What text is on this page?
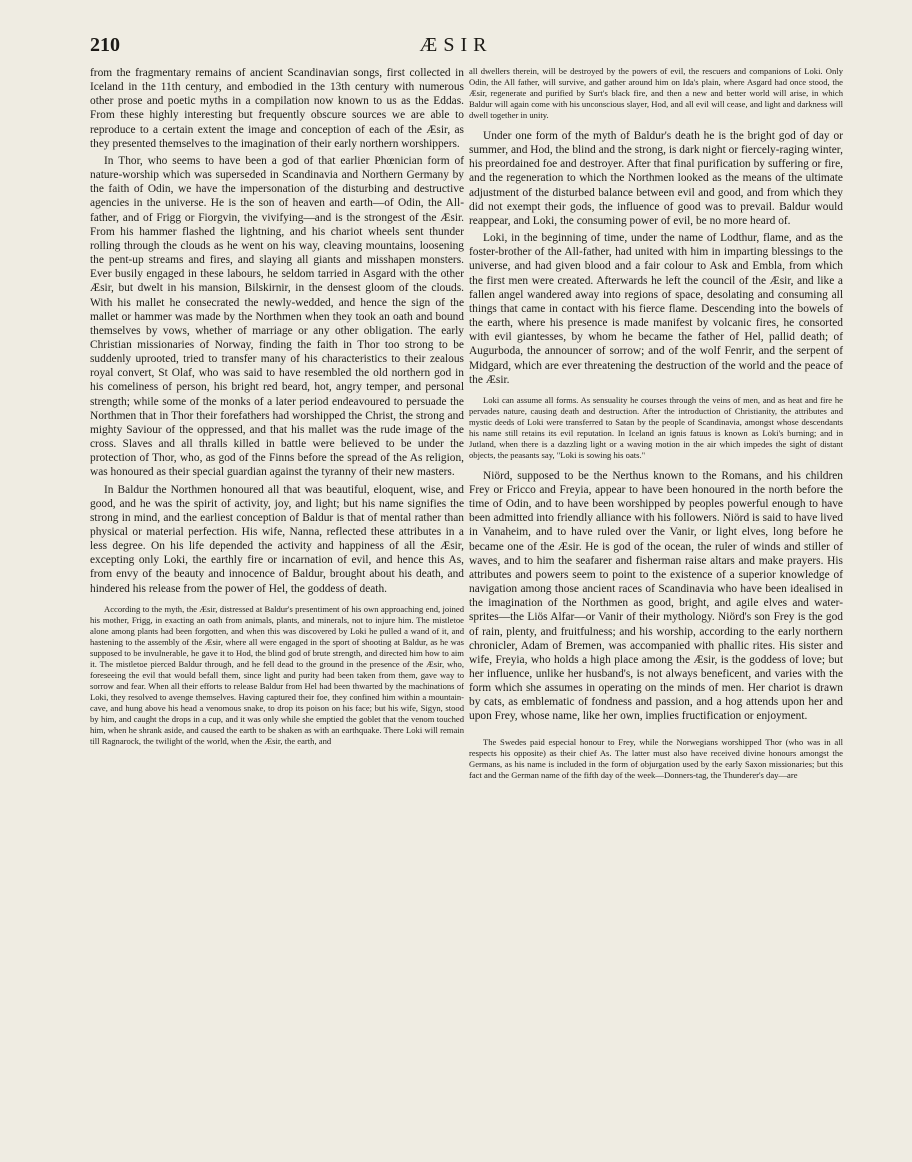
210	ÆSIR

from the fragmentary remains of ancient Scandinavian songs, first collected in Iceland in the 11th century, and embodied in the 13th century with numerous other prose and poetic myths in a compilation now known to us as the Eddas. From these highly interesting but frequently obscure sources we are able to reproduce to a certain extent the image and conception of each of the Æsir, as they presented themselves to the imagination of their early northern worshippers.

In Thor, who seems to have been a god of that earlier Phœnician form of nature-worship which was superseded in Scandinavia and Northern Germany by the faith of Odin, we have the impersonation of the disturbing and destructive agencies in the universe. He is the son of heaven and earth—of Odin, the All-father, and of Frigg or Fiorgvin, the vivifying—and is the strongest of the Æsir. From his hammer flashed the lightning, and his chariot wheels sent thunder rolling through the clouds as he went on his way, cleaving mountains, loosening the pent-up streams and fires, and slaying all giants and misshapen monsters. Ever busily engaged in these labours, he seldom tarried in Asgard with the other Æsir, but dwelt in his mansion, Bilskirnir, in the densest gloom of the clouds. With his mallet he consecrated the newly-wedded, and hence the sign of the mallet or hammer was made by the Northmen when they took an oath and bound themselves by vows, whether of marriage or any other obligation. The early Christian missionaries of Norway, finding the faith in Thor too strong to be suddenly uprooted, tried to transfer many of his characteristics to their zealous royal convert, St Olaf, who was said to have resembled the old northern god in his comeliness of person, his bright red beard, hot, angry temper, and personal strength; while some of the monks of a later period endeavoured to persuade the Northmen that in Thor their forefathers had worshipped the Christ, the strong and mighty Saviour of the oppressed, and that his mallet was the rude image of the cross. Slaves and all thralls killed in battle were believed to be under the protection of Thor, who, as god of the Finns before the spread of the As religion, was honoured as their special guardian against the tyranny of their new masters.

In Baldur the Northmen honoured all that was beautiful, eloquent, wise, and good, and he was the spirit of activity, joy, and light; but his name signifies the strong in mind, and the earliest conception of Baldur is that of mental rather than physical or material perfection. His wife, Nanna, reflected these attributes in a less degree. On his life depended the activity and happiness of all the Æsir, excepting only Loki, the earthly fire or incarnation of evil, and hence this As, from envy of the beauty and innocence of Baldur, brought about his death, and hindered his release from the power of Hel, the goddess of death.

According to the myth, the Æsir, distressed at Baldur's presentiment of his own approaching end, joined his mother, Frigg, in exacting an oath from animals, plants, and minerals, not to injure him. The mistletoe alone among plants had been forgotten, and when this was discovered by Loki he pulled a wand of it, and hastening to the assembly of the Æsir, where all were engaged in the sport of shooting at Baldur, as he was supposed to be invulnerable, he gave it to Hod, the blind god of brute strength, and directed him how to aim it. The mistletoe pierced Baldur through, and he fell dead to the ground in the presence of the Æsir, who, foreseeing the evil that would befall them, since light and purity had been taken from them, gave way to sorrow and fear. When all their efforts to release Baldur from Hel had been thwarted by the machinations of Loki, they resolved to avenge themselves. Having captured their foe, they confined him within a mountain-cave, and hung above his head a venomous snake, to drop its poison on his face; but his wife, Sigyn, stood by him, and caught the drops in a cup, and it was only while she emptied the goblet that the venom touched him, when he shrank aside, and caused the earth to be shaken as with an earthquake. There Loki will remain till Ragnarock, the twilight of the world, when the Æsir, the earth, and

all dwellers therein, will be destroyed by the powers of evil, the rescuers and companions of Loki. Only Odin, the All father, will survive, and gather around him on Ida's plain, where Asgard had once stood, the Æsir, regenerate and purified by Surt's black fire, and then a new and better world will arise, in which Baldur will again come with his unconscious slayer, Hod, and all evil will cease, and light and darkness will dwell together in unity.

Under one form of the myth of Baldur's death he is the bright god of day or summer, and Hod, the blind and the strong, is dark night or fiercely-raging winter, his preordained foe and destroyer. After that final purification by suffering or fire, and the regeneration to which the Northmen looked as the means of the ultimate adjustment of the disturbed balance between evil and good, and from which they did not exempt their gods, the influence of good was to prevail. Baldur would reappear, and Loki, the consuming power of evil, be no more heard of.

Loki, in the beginning of time, under the name of Lodthur, flame, and as the foster-brother of the All-father, had united with him in imparting blessings to the universe, and had given blood and a fair colour to Ask and Embla, from which the first men were created. Afterwards he left the council of the Æsir, and like a fallen angel wandered away into regions of space, desolating and consuming all things that came in contact with his fierce flame. Descending into the bowels of the earth, where his presence is made manifest by volcanic fires, he consorted with evil giantesses, by whom he became the father of Hel, pallid death; of Augurboda, the announcer of sorrow; and of the wolf Fenrir, and the serpent of Midgard, which are ever threatening the destruction of the world and the peace of the Æsir.

Loki can assume all forms. As sensuality he courses through the veins of men, and as heat and fire he pervades nature, causing death and destruction. After the introduction of Christianity, the attributes and mystic deeds of Loki were transferred to Satan by the people of Scandinavia, amongst whose descendants his name still retains its evil reputation. In Iceland an ignis fatuus is known as Loki's burning; and in Jutland, when there is a dazzling light or a waving motion in the air which impedes the sight of distant objects, the peasants say, "Loki is sowing his oats."

Niörd, supposed to be the Nerthus known to the Romans, and his children Frey or Fricco and Freyia, appear to have been honoured in the north before the time of Odin, and to have been worshipped by peoples powerful enough to have been admitted into friendly alliance with his followers. Niörd is said to have lived in Vanaheim, and to have ruled over the Vanir, or light elves, long before he became one of the Æsir. He is god of the ocean, the ruler of winds and stiller of waves, and to him the seafarer and fisherman raise altars and make prayers. His attributes and powers seem to point to the existence of a superior knowledge of navigation among those ancient races of Scandinavia who have been idealised in the imagination of the Northmen as good, bright, and agile elves and water-sprites—the Liös Alfar—or Vanir of their mythology. Niörd's son Frey is the god of rain, plenty, and fruitfulness; and his worship, according to the early northern chronicler, Adam of Bremen, was accompanied with phallic rites. His sister and wife, Freyia, who holds a high place among the Æsir, is the goddess of love; but her influence, unlike her husband's, is not always beneficent, and varies with the form which she assumes in operating on the minds of men. Her chariot is drawn by cats, as emblematic of fondness and passion, and a hog attends upon her and upon Frey, whose name, like her own, implies fructification or enjoyment.

The Swedes paid especial honour to Frey, while the Norwegians worshipped Thor (who was in all respects his opposite) as their chief As. The latter must also have received divine honours amongst the Germans, as his name is included in the form of objurgation used by the early Saxon missionaries; but this fact and the German name of the fifth day of the week—Donners-tag, the Thunderer's day—are
